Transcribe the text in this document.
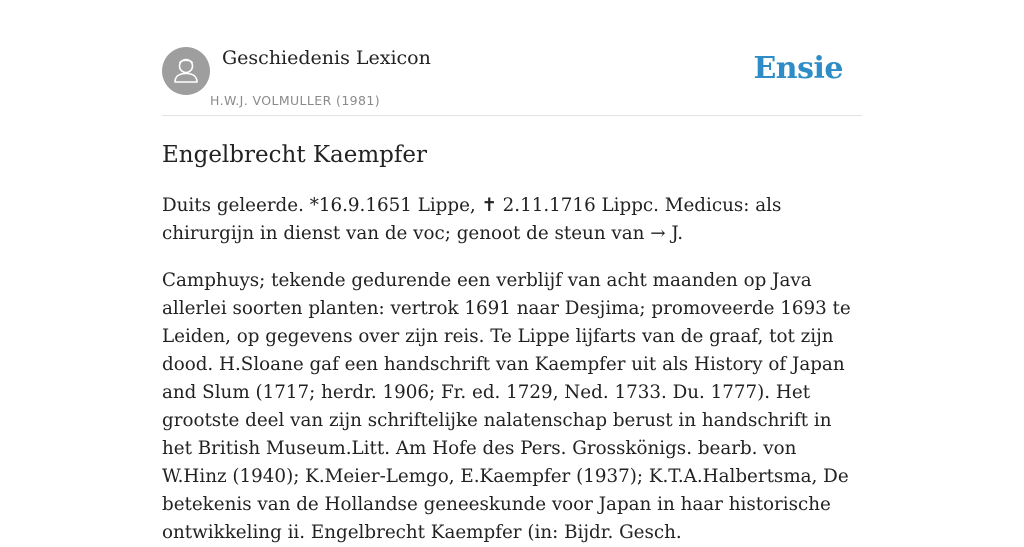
Geschiedenis Lexicon
H.W.J. VOLMULLER (1981)
Ensie
Engelbrecht Kaempfer

Duits geleerde. *16.9.1651 Lippe, ✝ 2.11.1716 Lippc. Medicus: als chirurgijn in dienst van de voc; genoot de steun van → J.

Camphuys; tekende gedurende een verblijf van acht maanden op Java allerlei soorten planten: vertrok 1691 naar Desjima; promoveerde 1693 te Leiden, op gegevens over zijn reis. Te Lippe lijfarts van de graaf, tot zijn dood. H.Sloane gaf een handschrift van Kaempfer uit als History of Japan and Slum (1717; herdr. 1906; Fr. ed. 1729, Ned. 1733. Du. 1777). Het grootste deel van zijn schriftelijke nalatenschap berust in handschrift in het British Museum.Litt. Am Hofe des Pers. Grosskönigs. bearb. von W.Hinz (1940); K.Meier-Lemgo, E.Kaempfer (1937); K.T.A.Halbertsma, De betekenis van de Hollandse geneeskunde voor Japan in haar historische ontwikkeling ii. Engelbrecht Kaempfer (in: Bijdr. Gesch.
